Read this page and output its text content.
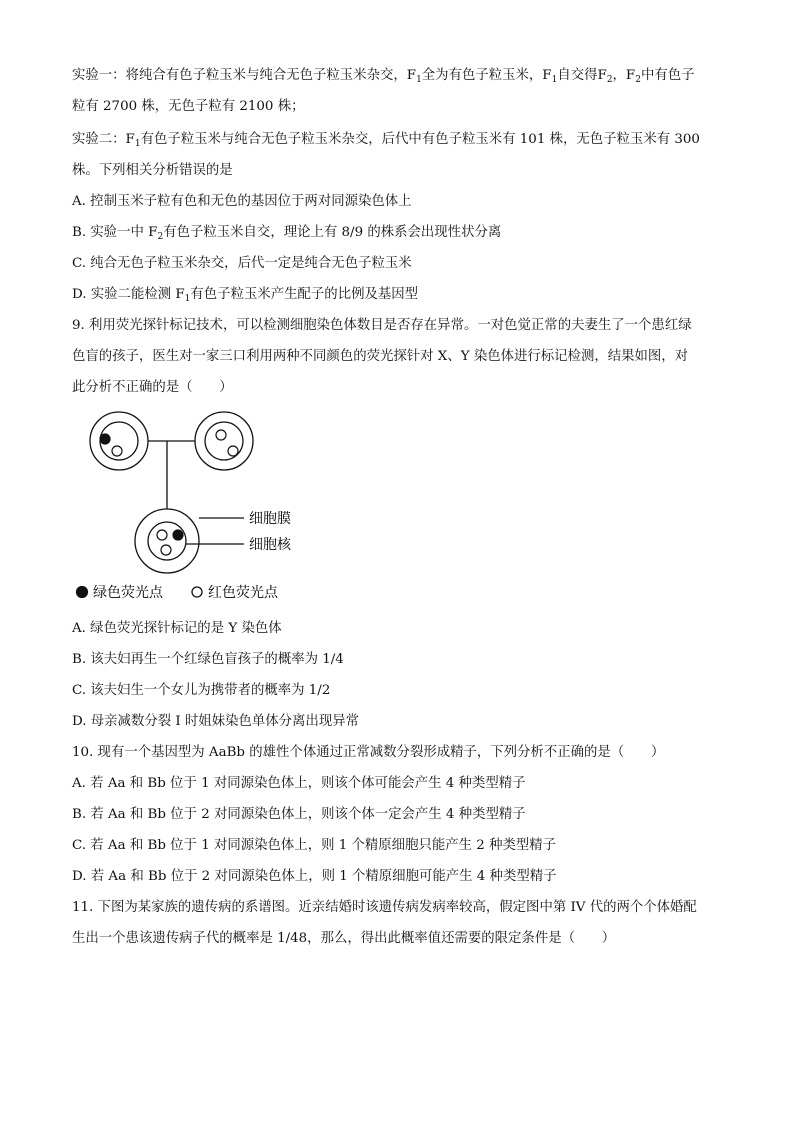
实验一：将纯合有色子粒玉米与纯合无色子粒玉米杂交，$F_1$全为有色子粒玉米，$F_1$自交得$F_2$，$F_2$中有色子
粒有 2700 株，无色子粒有 2100 株；
实验二：$F_1$有色子粒玉米与纯合无色子粒玉米杂交，后代中有色子粒玉米有 101 株，无色子粒玉米有 300
株。下列相关分析错误的是
A. 控制玉米子粒有色和无色的基因位于两对同源染色体上
B. 实验一中 $F_2$有色子粒玉米自交，理论上有 8/9 的株系会出现性状分离
C. 纯合无色子粒玉米杂交，后代一定是纯合无色子粒玉米
D. 实验二能检测 $F_1$有色子粒玉米产生配子的比例及基因型
9. 利用荧光探针标记技术，可以检测细胞染色体数目是否存在异常。一对色觉正常的夫妻生了一个患红绿
色盲的孩子，医生对一家三口利用两种不同颜色的荧光探针对 X、Y 染色体进行标记检测，结果如图，对
此分析不正确的是（　　）
细胞膜
细胞核
绿色荧光点	红色荧光点
A. 绿色荧光探针标记的是 Y 染色体
B. 该夫妇再生一个红绿色盲孩子的概率为 1/4
C. 该夫妇生一个女儿为携带者的概率为 1/2
D. 母亲减数分裂 I 时姐妹染色单体分离出现异常
10. 现有一个基因型为 AaBb 的雄性个体通过正常减数分裂形成精子，下列分析不正确的是（　　）
A. 若 Aa 和 Bb 位于 1 对同源染色体上，则该个体可能会产生 4 种类型精子
B. 若 Aa 和 Bb 位于 2 对同源染色体上，则该个体一定会产生 4 种类型精子
C. 若 Aa 和 Bb 位于 1 对同源染色体上，则 1 个精原细胞只能产生 2 种类型精子
D. 若 Aa 和 Bb 位于 2 对同源染色体上，则 1 个精原细胞可能产生 4 种类型精子
11. 下图为某家族的遗传病的系谱图。近亲结婚时该遗传病发病率较高，假定图中第 IV 代的两个个体婚配
生出一个患该遗传病子代的概率是 1/48，那么，得出此概率值还需要的限定条件是（　　）
